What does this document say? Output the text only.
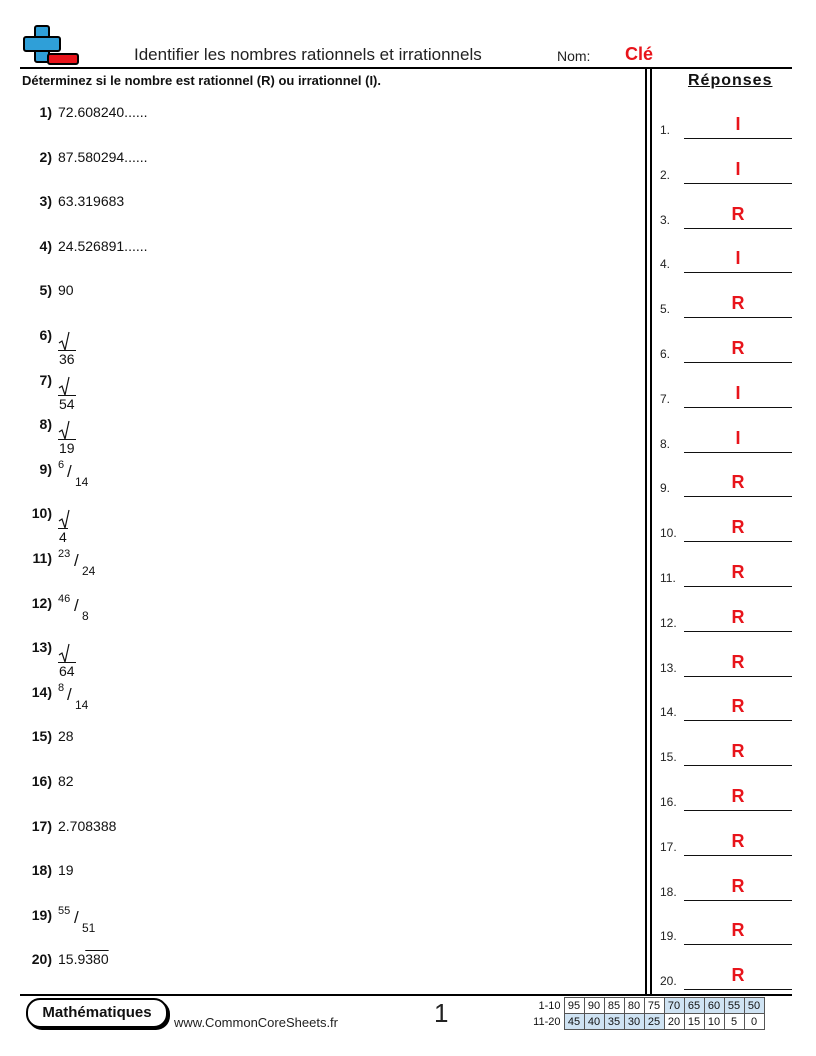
Identifier les nombres rationnels et irrationnels	Nom: Clé
Déterminez si le nombre est rationnel (R) ou irrationnel (I).	Réponses
1) 72.608240......
2) 87.580294......
3) 63.319683
4) 24.526891......
5) 90
6)
36
7)
54
8)
19
9) 6 /
14
10)
4
11) 23 /
24
12) 46 /
8
13)
64
14) 8 /
14
15) 28
16) 82
17) 2.708388
18) 19
19) 55 /
51
20) 15.9380
1.	I
2.	I
3.	R
4.	I
5.	R
6.	R
7.	I
8.	I
9.	R
10.	R
11.	R
12.	R
13.	R
14.	R
15.	R
16.	R
17.	R
18.	R
19.	R
20.	R
Mathématiques
www.CommonCoreSheets.fr	1	1-10	95	90	85	80	75	70	65	60	55	50
11-20	45	40	35	30	25	20	15	10	5	0
